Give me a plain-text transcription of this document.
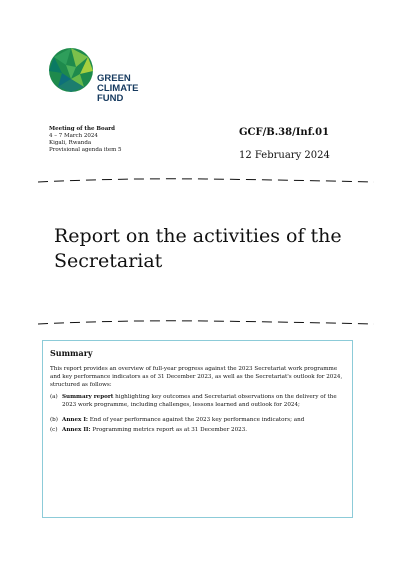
GREEN
CLIMATE
FUND
Meeting of the Board
4 – 7 March 2024
Kigali, Rwanda
Provisional agenda item 5
GCF/B.38/Inf.01
12 February 2024
Report on the activities of the
Secretariat
Summary
This report provides an overview of full-year progress against the 2023 Secretariat work programme and key performance indicators as of 31 December 2023, as well as the Secretariat's outlook for 2024, structured as follows:
(a) Summary report highlighting key outcomes and Secretariat observations on the delivery of the 2023 work programme, including challenges, lessons learned and outlook for 2024;
(b) Annex I: End of year performance against the 2023 key performance indicators; and
(c) Annex II: Programming metrics report as at 31 December 2023.
